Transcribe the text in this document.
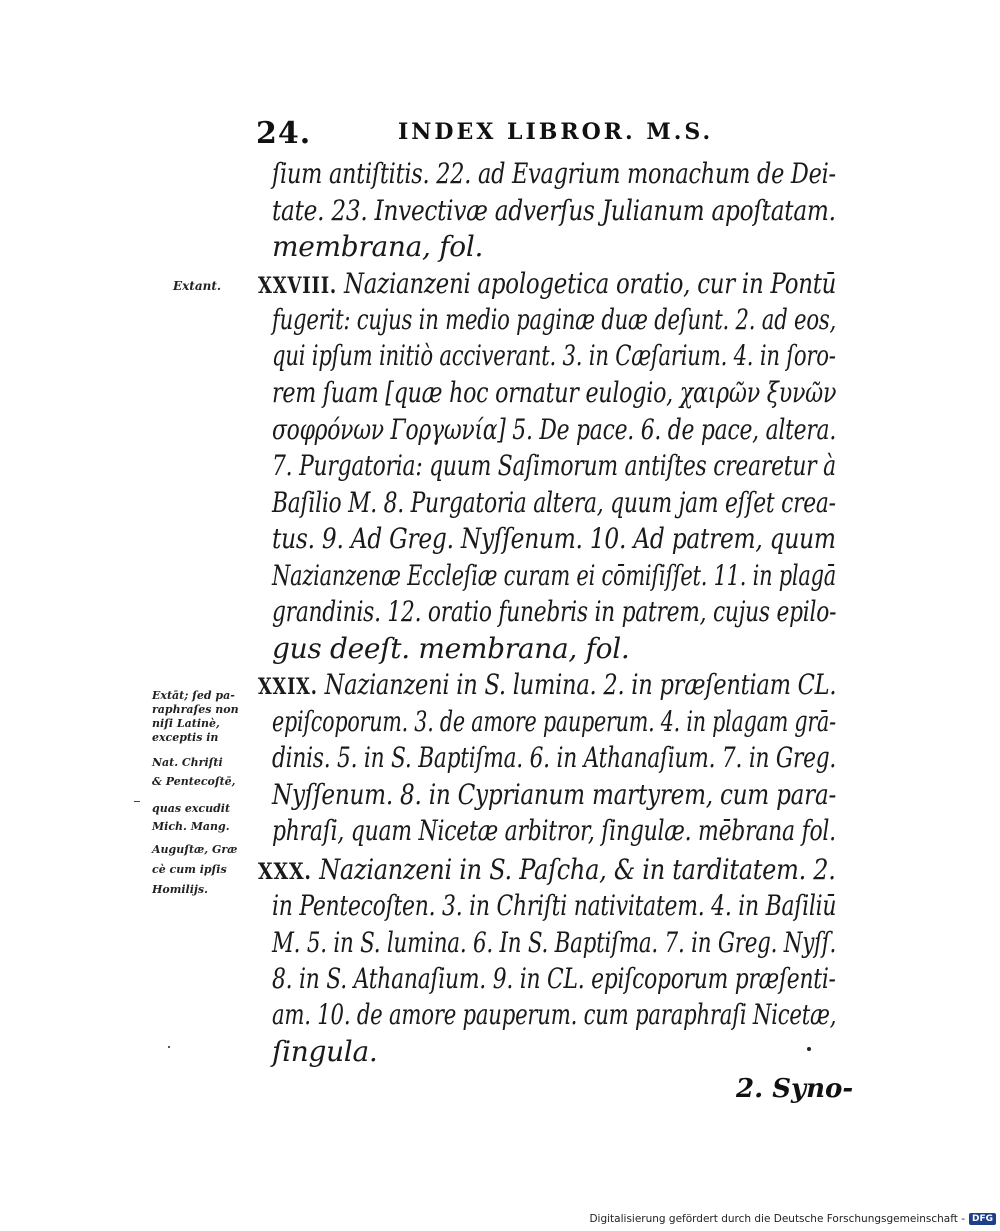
24.	INDEX LIBROR. M.S.
ſium antiſtitis. 22. ad Evagrium monachum de Dei-
tate. 23. Invectivæ adverſus Julianum apoſtatam.
membrana, fol.
Extant. XXVIII. Nazianzeni apologetica oratio, cur in Pontū
fugerit: cujus in medio paginæ duæ deſunt. 2. ad eos,
qui ipſum initiò acciverant. 3. in Cæſarium. 4. in ſoro-
rem ſuam [quæ hoc ornatur eulogio, χαιρῶν ξυνῶν
σοφρόνων Γοργωνία] 5. De pace. 6. de pace, altera.
7. Purgatoria: quum Saſimorum antiſtes crearetur à
Baſilio M. 8. Purgatoria altera, quum jam eſſet crea-
tus. 9. Ad Greg. Nyſſenum. 10. Ad patrem, quum
Nazianzenæ Eccleſiæ curam ei cōmiſiſſet. 11. in plagā
grandinis. 12. oratio funebris in patrem, cujus epilo-
gus deeſt. membrana, fol.
XXIX. Nazianzeni in S. lumina. 2. in præſentiam CL.
epiſcoporum. 3. de amore pauperum. 4. in plagam grā-
dinis. 5. in S. Baptiſma. 6. in Athanaſium. 7. in Greg.
Nyſſenum. 8. in Cyprianum martyrem, cum para-
phraſi, quam Nicetæ arbitror, ſingulæ. mēbrana fol.
Extāt; ſed pa-
raphraſes non
niſi Latinè,
exceptis in
Nat. Chriſti
& Pentecoſtē,
quas excudit
Mich. Mang.
Auguſtæ, Græ
cè cum ipſis
Homilijs.
XXX. Nazianzeni in S. Paſcha, & in tarditatem. 2.
in Pentecoſten. 3. in Chriſti nativitatem. 4. in Baſiliū
M. 5. in S. lumina. 6. In S. Baptiſma. 7. in Greg. Nyſſ.
8. in S. Athanaſium. 9. in CL. epiſcoporum præſenti-
am. 10. de amore pauperum. cum paraphraſi Nicetæ,
ſingula.
2. Syno-
Digitalisierung gefördert durch die Deutsche Forschungsgemeinschaft - DFG
